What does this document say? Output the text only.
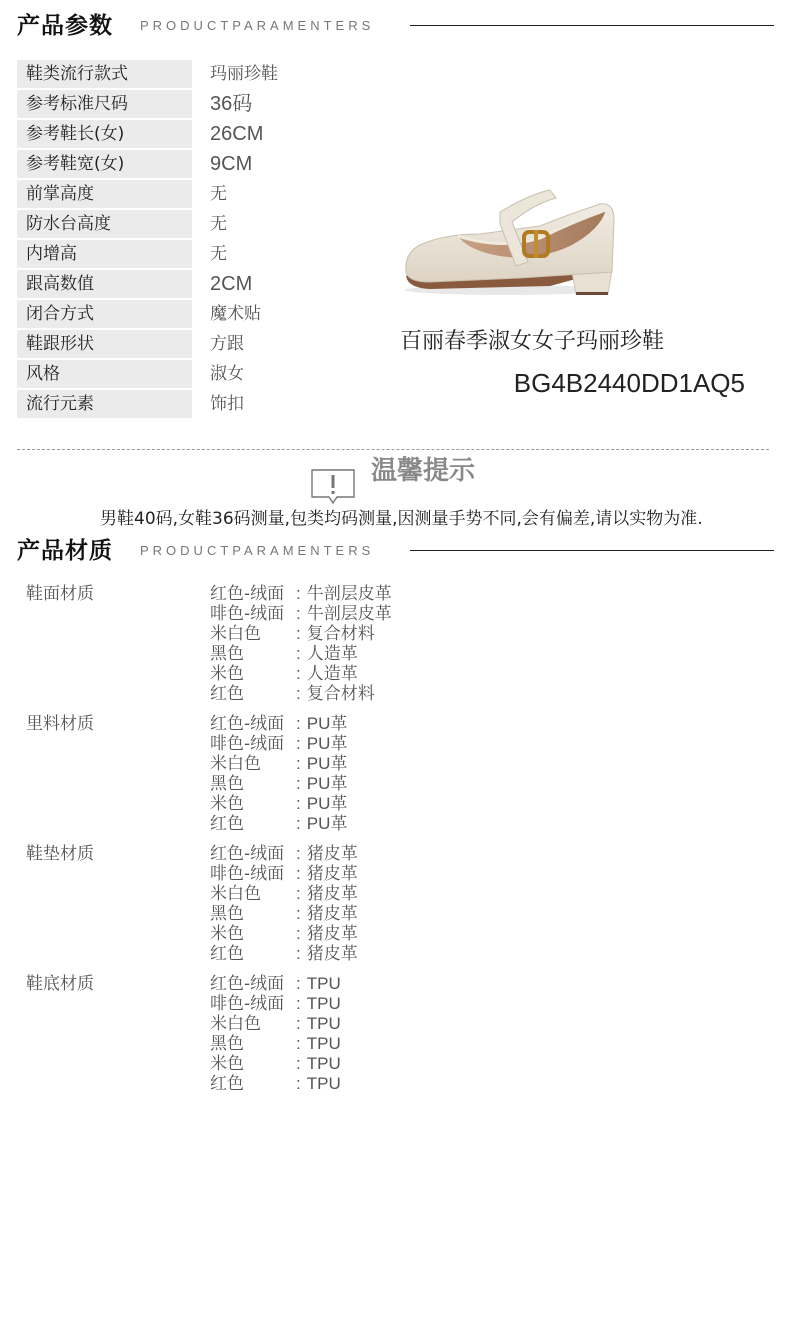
产品参数 PRODUCTPARAMENTERS
鞋类流行款式	玛丽珍鞋
参考标准尺码	36码
参考鞋长(女)	26CM
参考鞋宽(女)	9CM
前掌高度	无
防水台高度	无
内增高	无
跟高数值	2CM
闭合方式	魔术贴
鞋跟形状	方跟
风格	淑女
流行元素	饰扣
百丽春季淑女女子玛丽珍鞋
BG4B2440DD1AQ5
温馨提示
男鞋40码,女鞋36码测量,包类均码测量,因测量手势不同,会有偏差,请以实物为准.
产品材质 PRODUCTPARAMENTERS
鞋面材质	红色-绒面 : 牛剖层皮革
啡色-绒面 : 牛剖层皮革
米白色 : 复合材料
黑色	: 人造革
米色	: 人造革
红色	: 复合材料
里料材质	红色-绒面 : PU革
啡色-绒面 : PU革
米白色 : PU革
黑色	: PU革
米色	: PU革
红色	: PU革
鞋垫材质	红色-绒面 : 猪皮革
啡色-绒面 : 猪皮革
米白色 : 猪皮革
黑色	: 猪皮革
米色	: 猪皮革
红色	: 猪皮革
鞋底材质	红色-绒面 : TPU
啡色-绒面 : TPU
米白色 : TPU
黑色	: TPU
米色	: TPU
红色	: TPU
